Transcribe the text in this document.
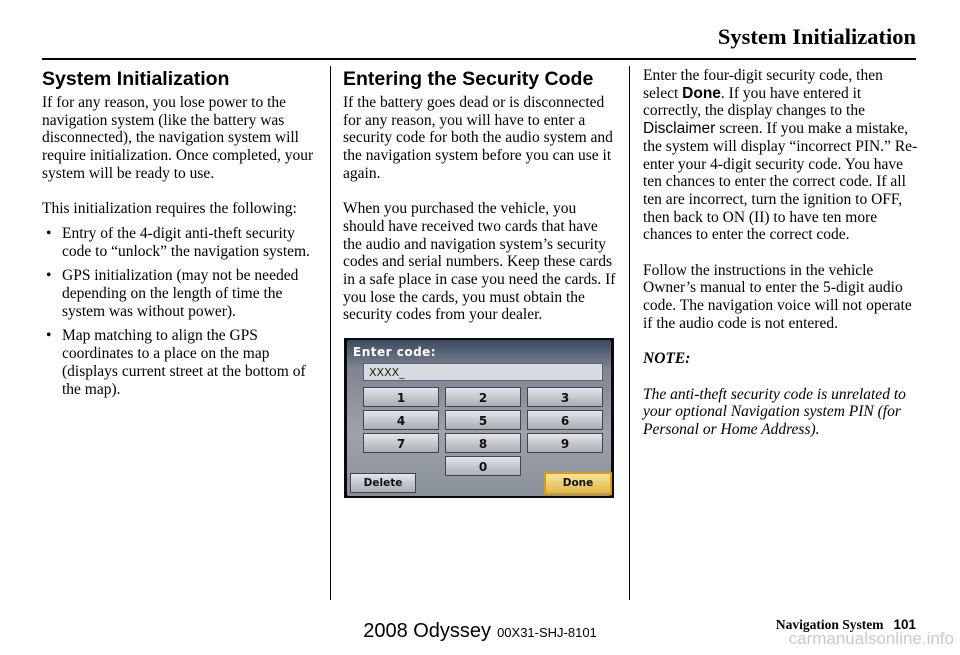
System Initialization
System Initialization

If for any reason, you lose power to the navigation system (like the battery was disconnected), the navigation system will require initialization. Once completed, your system will be ready to use.

This initialization requires the following:

• Entry of the 4-digit anti-theft security code to “unlock” the navigation system.
• GPS initialization (may not be needed depending on the length of time the system was without power).
• Map matching to align the GPS coordinates to a place on the map (displays current street at the bottom of the map).
Entering the Security Code

If the battery goes dead or is disconnected for any reason, you will have to enter a security code for both the audio system and the navigation system before you can use it again.

When you purchased the vehicle, you should have received two cards that have the audio and navigation system’s security codes and serial numbers. Keep these cards in a safe place in case you need the cards. If you lose the cards, you must obtain the security codes from your dealer.

Enter code:
XXXX_
1	2	3
4	5	6
7	8	9
0
Delete	Done

Enter the four-digit security code, then select Done. If you have entered it correctly, the display changes to the Disclaimer screen. If you make a mistake, the system will display “incorrect PIN.” Re-enter your 4-digit security code. You have ten chances to enter the correct code. If all ten are incorrect, turn the ignition to OFF, then back to ON (II) to have ten more chances to enter the correct code.

Follow the instructions in the vehicle Owner’s manual to enter the 5-digit audio code. The navigation voice will not operate if the audio code is not entered.

NOTE:

The anti-theft security code is unrelated to your optional Navigation system PIN (for Personal or Home Address).

Navigation System 101
2008 Odyssey 00X31-SHJ-8101	carmanualsonline.info
